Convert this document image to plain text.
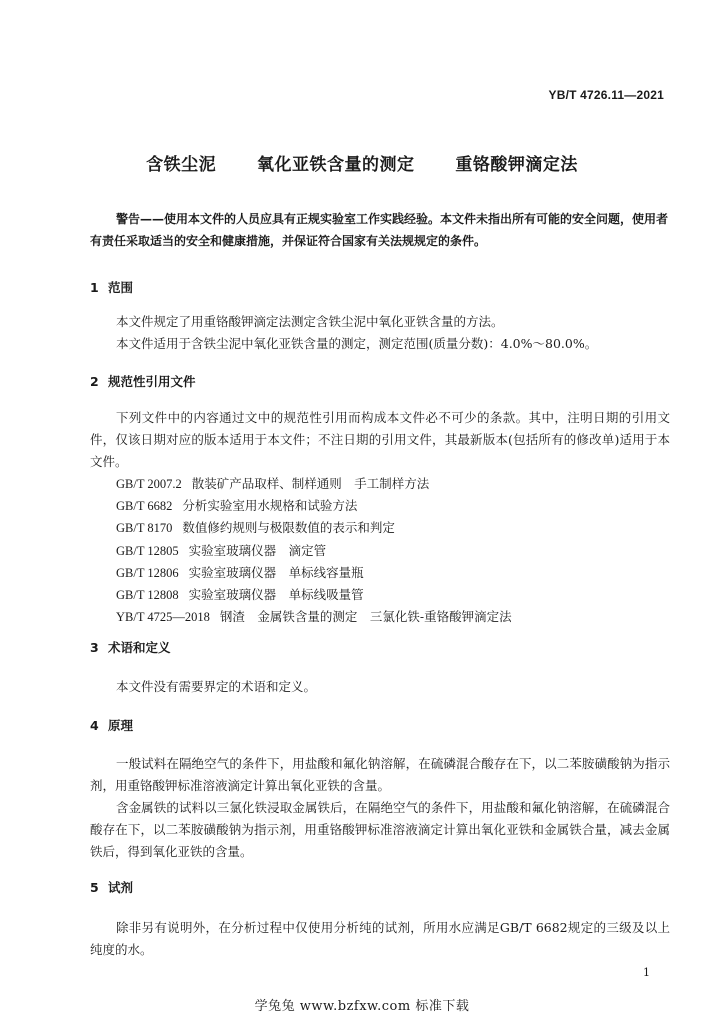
YB/T 4726.11—2021
含铁尘泥  氧化亚铁含量的测定  重铬酸钾滴定法
警告——使用本文件的人员应具有正规实验室工作实践经验。本文件未指出所有可能的安全问题，使用者有责任采取适当的安全和健康措施，并保证符合国家有关法规规定的条件。
1 范围
本文件规定了用重铬酸钾滴定法测定含铁尘泥中氧化亚铁含量的方法。
本文件适用于含铁尘泥中氧化亚铁含量的测定，测定范围(质量分数)：4.0%～80.0%。
2 规范性引用文件
下列文件中的内容通过文中的规范性引用而构成本文件必不可少的条款。其中，注明日期的引用文件，仅该日期对应的版本适用于本文件；不注日期的引用文件，其最新版本(包括所有的修改单)适用于本文件。
GB/T 2007.2 散装矿产品取样、制样通则　手工制样方法
GB/T 6682 分析实验室用水规格和试验方法
GB/T 8170 数值修约规则与极限数值的表示和判定
GB/T 12805 实验室玻璃仪器　滴定管
GB/T 12806 实验室玻璃仪器　单标线容量瓶
GB/T 12808 实验室玻璃仪器　单标线吸量管
YB/T 4725—2018 钢渣　金属铁含量的测定　三氯化铁-重铬酸钾滴定法
3 术语和定义
本文件没有需要界定的术语和定义。
4 原理
一般试料在隔绝空气的条件下，用盐酸和氟化钠溶解，在硫磷混合酸存在下，以二苯胺磺酸钠为指示剂，用重铬酸钾标准溶液滴定计算出氧化亚铁的含量。
含金属铁的试料以三氯化铁浸取金属铁后，在隔绝空气的条件下，用盐酸和氟化钠溶解，在硫磷混合酸存在下，以二苯胺磺酸钠为指示剂，用重铬酸钾标准溶液滴定计算出氧化亚铁和金属铁合量，减去金属铁后，得到氧化亚铁的含量。
5 试剂
除非另有说明外，在分析过程中仅使用分析纯的试剂，所用水应满足GB/T 6682规定的三级及以上纯度的水。
1
学兔兔 www.bzfxw.com 标准下载
